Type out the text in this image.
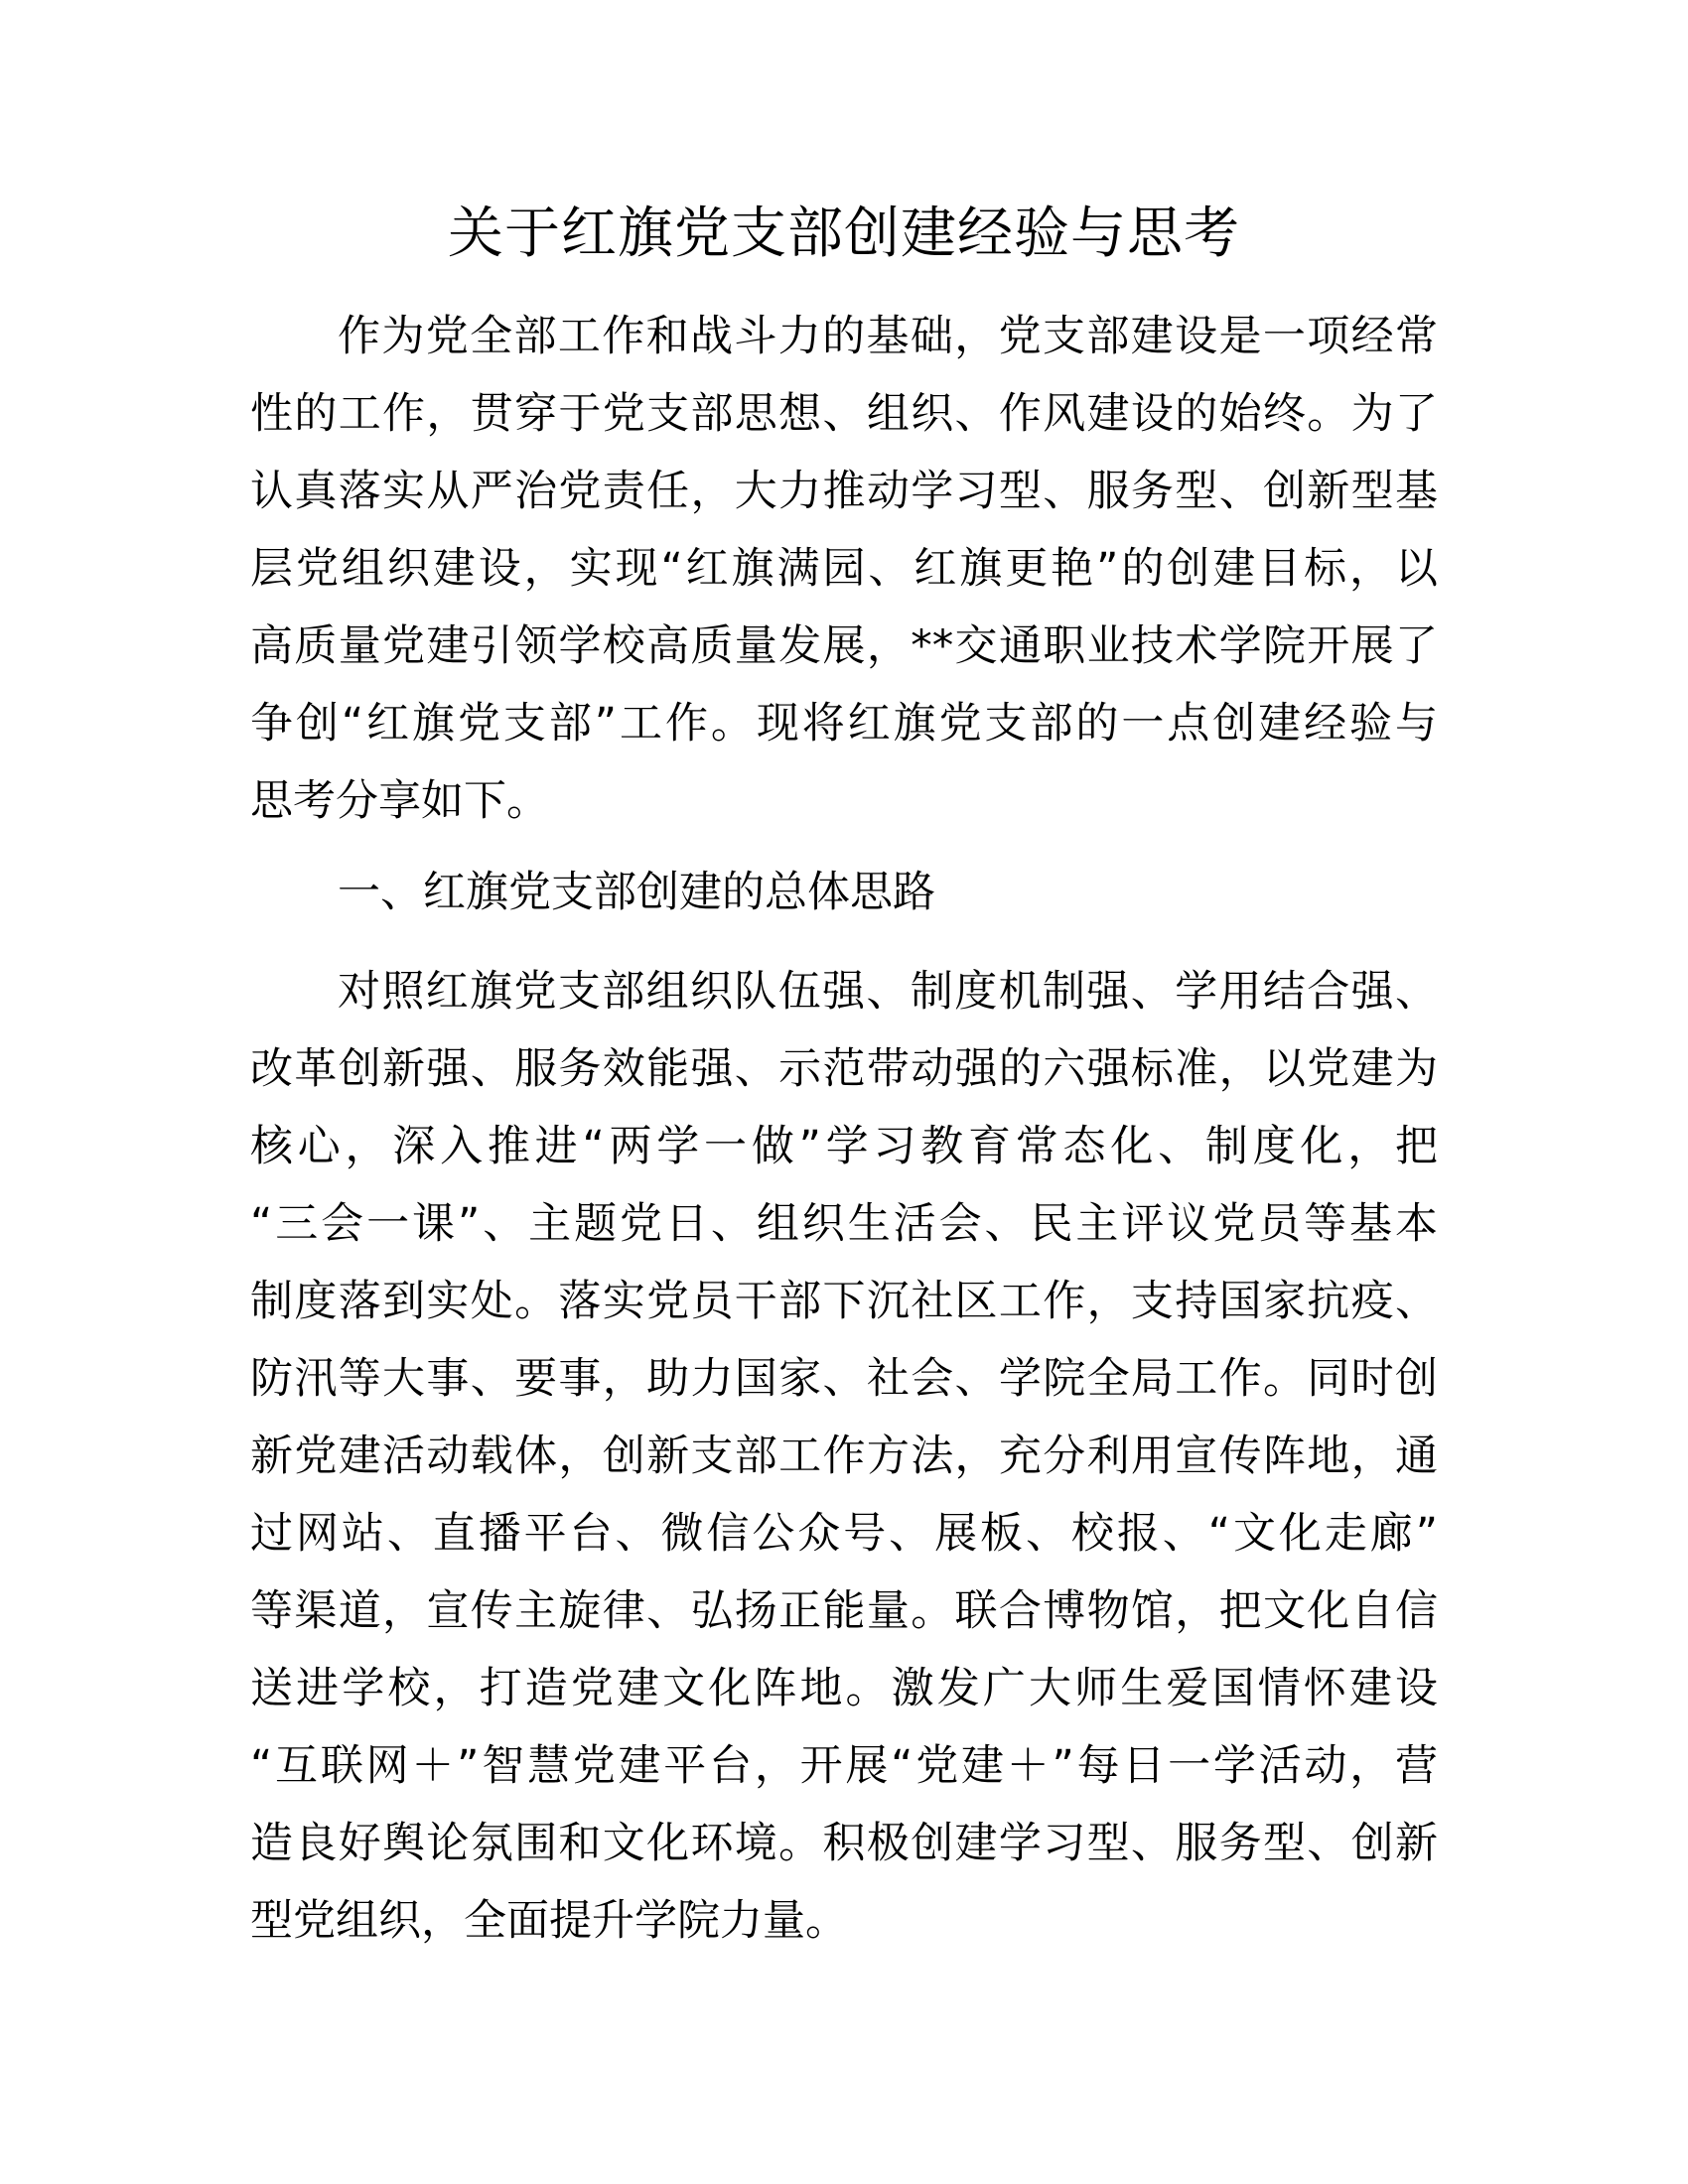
关于红旗党支部创建经验与思考
作为党全部工作和战斗力的基础，党支部建设是一项经常
性的工作，贯穿于党支部思想、组织、作风建设的始终。为了
认真落实从严治党责任，大力推动学习型、服务型、创新型基
层党组织建设，实现“红旗满园、红旗更艳”的创建目标，以
高质量党建引领学校高质量发展，**交通职业技术学院开展了
争创“红旗党支部”工作。现将红旗党支部的一点创建经验与
思考分享如下。
一、红旗党支部创建的总体思路
对照红旗党支部组织队伍强、制度机制强、学用结合强、
改革创新强、服务效能强、示范带动强的六强标准，以党建为
核心，深入推进“两学一做”学习教育常态化、制度化，把
“三会一课”、主题党日、组织生活会、民主评议党员等基本
制度落到实处。落实党员干部下沉社区工作，支持国家抗疫、
防汛等大事、要事，助力国家、社会、学院全局工作。同时创
新党建活动载体，创新支部工作方法，充分利用宣传阵地，通
过网站、直播平台、微信公众号、展板、校报、“文化走廊”
等渠道，宣传主旋律、弘扬正能量。联合博物馆，把文化自信
送进学校，打造党建文化阵地。激发广大师生爱国情怀建设
“互联网＋”智慧党建平台，开展“党建＋”每日一学活动，营
造良好舆论氛围和文化环境。积极创建学习型、服务型、创新
型党组织，全面提升学院力量。
